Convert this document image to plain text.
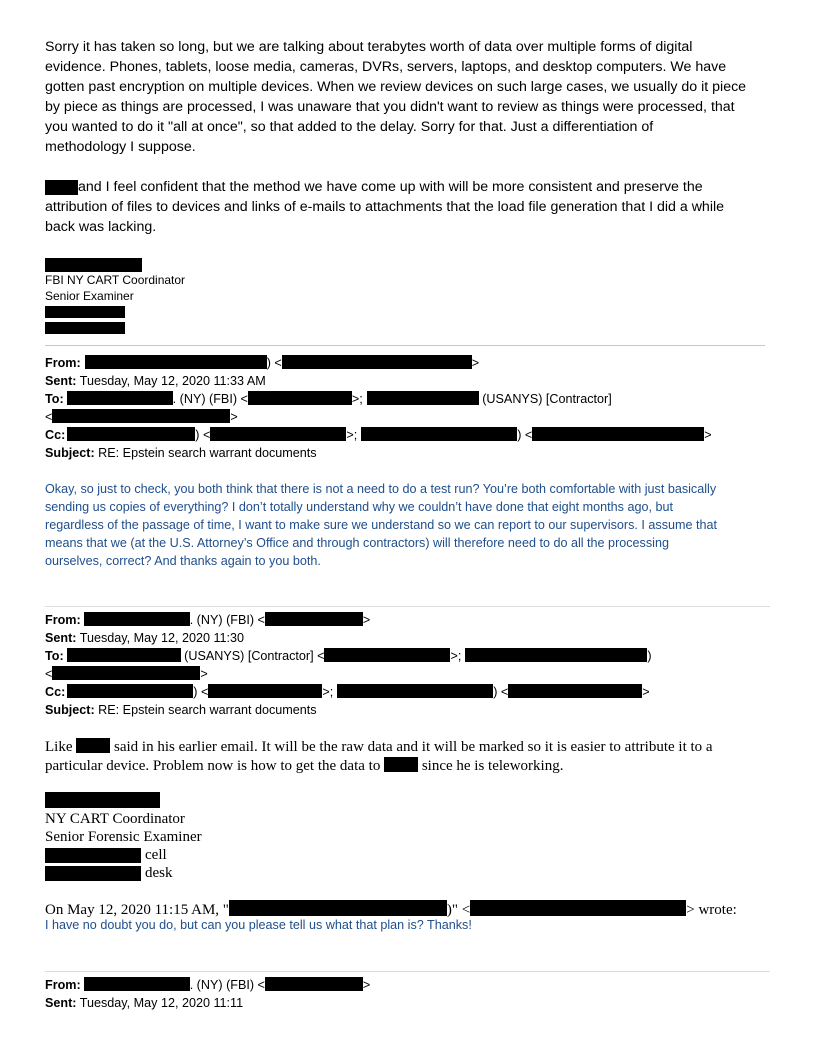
Sorry it has taken so long, but we are talking about terabytes worth of data over multiple forms of digital
evidence. Phones, tablets, loose media, cameras, DVRs, servers, laptops, and desktop computers. We have
gotten past encryption on multiple devices. When we review devices on such large cases, we usually do it piece
by piece as things are processed, I was unaware that you didn't want to review as things were processed, that
you wanted to do it "all at once", so that added to the delay. Sorry for that. Just a differentiation of
methodology I suppose.
and I feel confident that the method we have come up with will be more consistent and preserve the
attribution of files to devices and links of e-mails to attachments that the load file generation that I did a while
back was lacking.
FBI NY CART Coordinator
Senior Examiner
From:	) <	>
Sent: Tuesday, May 12, 2020 11:33 AM
To:	. (NY) (FBI) <	>;	(USANYS) [Contractor]
<	>
Cc:	) <	>;	) <	>
Subject: RE: Epstein search warrant documents
Okay, so just to check, you both think that there is not a need to do a test run? You’re both comfortable with just basically
sending us copies of everything? I don’t totally understand why we couldn’t have done that eight months ago, but
regardless of the passage of time, I want to make sure we understand so we can report to our supervisors. I assume that
means that we (at the U.S. Attorney’s Office and through contractors) will therefore need to do all the processing
ourselves, correct? And thanks again to you both.
From:	. (NY) (FBI) <	>
Sent: Tuesday, May 12, 2020 11:30
To:	(USANYS) [Contractor] <	>;	)
<	>
Cc:	) <	>;	) <	>
Subject: RE: Epstein search warrant documents
Like  said in his earlier email. It will be the raw data and it will be marked so it is easier to attribute it to a
particular device. Problem now is how to get the data to  since he is teleworking.
NY CART Coordinator
Senior Forensic Examiner
cell
desk
On May 12, 2020 11:15 AM, "	)" <	> wrote:
I have no doubt you do, but can you please tell us what that plan is? Thanks!
From:	. (NY) (FBI) <	>
Sent: Tuesday, May 12, 2020 11:11
